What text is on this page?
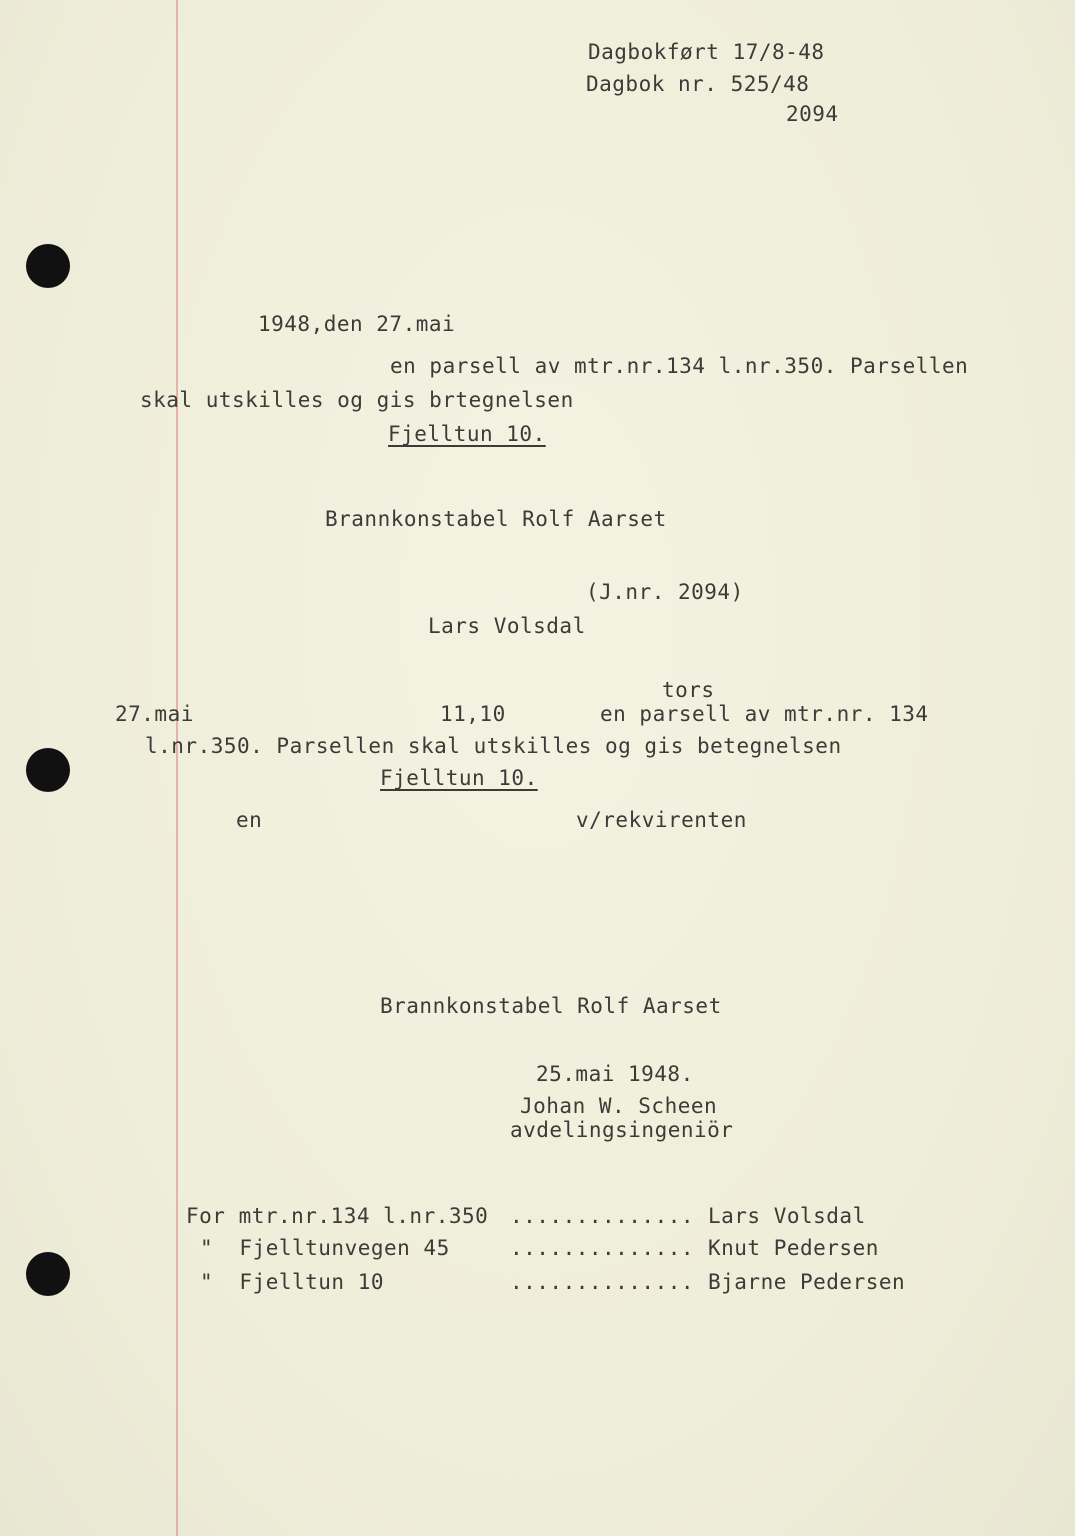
Dagbokført 17/8-48
Dagbok nr. 525/48
2094
1948,den 27.mai
en parsell av mtr.nr.134 l.nr.350. Parsellen
skal utskilles og gis brtegnelsen
Fjelltun 10.
Brannkonstabel Rolf Aarset
(J.nr. 2094)
Lars Volsdal
tors
27.mai	11,10	en parsell av mtr.nr. 134
l.nr.350. Parsellen skal utskilles og gis betegnelsen
Fjelltun 10.
en	v/rekvirenten
Brannkonstabel Rolf Aarset
25.mai 1948.
Johan W. Scheen
avdelingsingeniör
For mtr.nr.134 l.nr.350 .............. Lars Volsdal
"  Fjelltunvegen 45	.............. Knut Pedersen
"  Fjelltun 10	.............. Bjarne Pedersen
